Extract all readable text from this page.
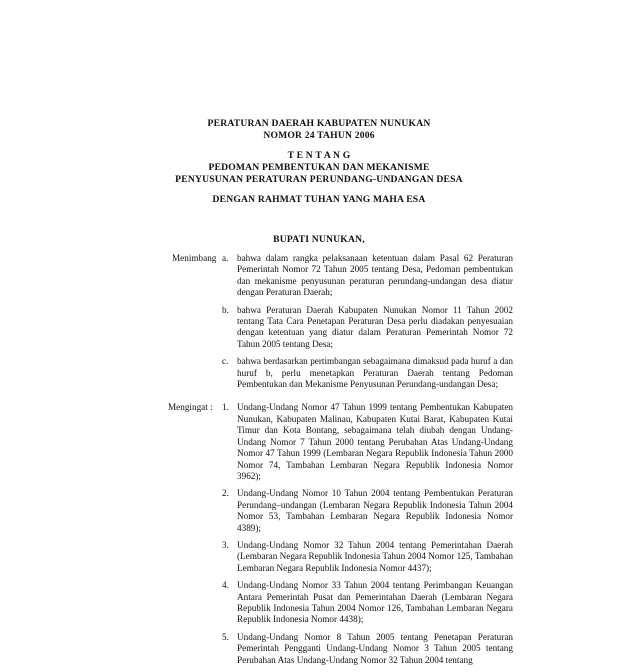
PERATURAN DAERAH KABUPATEN NUNUKAN
NOMOR 24 TAHUN 2006
T E N T A N G
PEDOMAN PEMBENTUKAN DAN MEKANISME
PENYUSUNAN PERATURAN PERUNDANG-UNDANGAN DESA
DENGAN RAHMAT TUHAN YANG MAHA ESA
BUPATI NUNUKAN,
Menimbang a. bahwa dalam rangka pelaksanaan ketentuan dalam Pasal 62 Peraturan Pemerintah Nomor 72 Tahun 2005 tentang Desa, Pedoman pembentukan dan mekanisme penyusunan peraturan perundang-undangan desa diatur dengan Peraturan Daerah;
b. bahwa Peraturan Daerah Kabupaten Nunukan Nomor 11 Tahun 2002 tentang Tata Cara Penetapan Peraturan Desa perlu diadakan penyesuaian dengan ketentuan yang diatur dalam Peraturan Pemerintah Nomor 72 Tahun 2005 tentang Desa;
c. bahwa berdasarkan pertimbangan sebagaimana dimaksud pada huruf a dan huruf b, perlu menetapkan Peraturan Daerah tentang Pedoman Pembentukan dan Mekanisme Penyusunan Perundang-undangan Desa;
Mengingat : 1. Undang-Undang Nomor 47 Tahun 1999 tentang Pembentukan Kabupaten Nunukan, Kabupaten Malinau, Kabupaten Kutai Barat, Kabupaten Kutai Timur dan Kota Bontang, sebagaimana telah diubah dengan Undang-Undang Nomor 7 Tahun 2000 tentang Perubahan Atas Undang-Undang Nomor 47 Tahun 1999 (Lembaran Negara Republik Indonesia Tahun 2000 Nomor 74, Tambahan Lembaran Negara Republik Indonesia Nomor 3962);
2. Undang-Undang Nomor 10 Tahun 2004 tentang Pembentukan Peraturan Perundang–undangan (Lembaran Negara Republik Indonesia Tahun 2004 Nomor 53, Tambahan Lembaran Negara Republik Indonesia Nomor 4389);
3. Undang-Undang Nomor 32 Tahun 2004 tentang Pemerintahan Daerah (Lembaran Negara Republik Indonesia Tahun 2004 Nomor 125, Tambahan Lembaran Negara Republik Indonesia Nomor 4437);
4. Undang-Undang Nomor 33 Tahun 2004 tentang Perimbangan Keuangan Antara Pemerintah Pusat dan Pemerintahan Daerah (Lembaran Negara Republik Indonesia Tahun 2004 Nomor 126, Tambahan Lembaran Negara Republik Indonesia Nomor 4438);
5. Undang-Undang Nomor 8 Tahun 2005 tentang Penetapan Peraturan Pemerintah Pengganti Undang-Undang Nomor 3 Tahun 2005 tentang Perubahan Atas Undang-Undang Nomor 32 Tahun 2004 tentang
